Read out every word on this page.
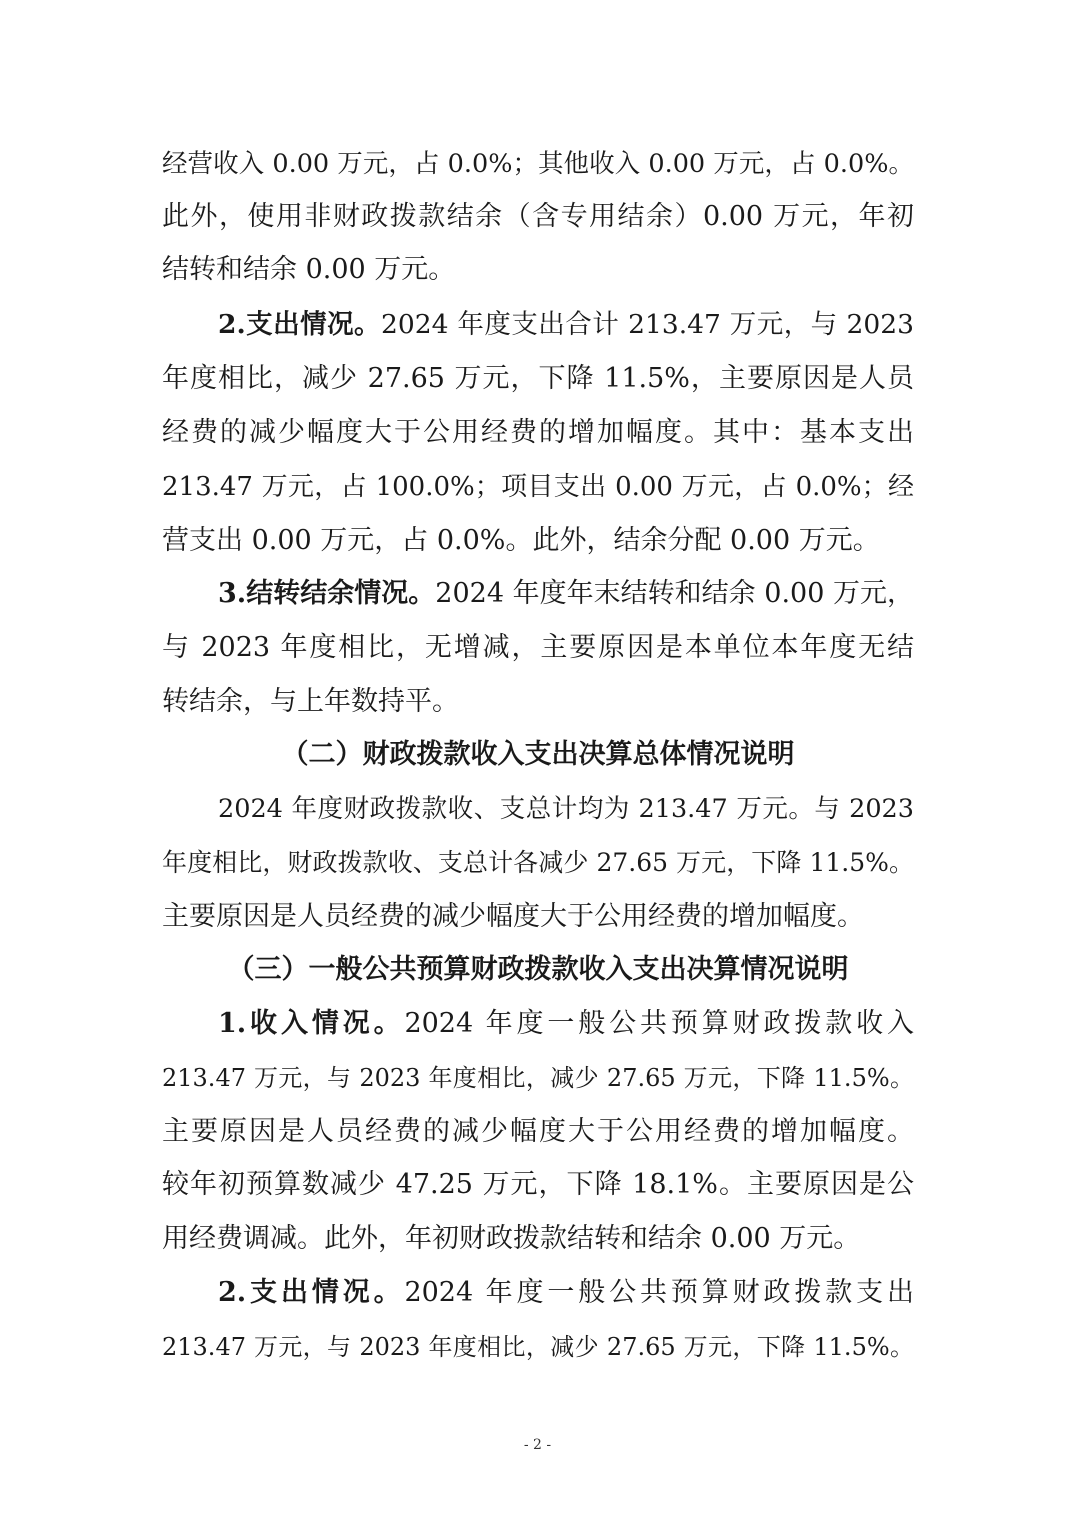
经营收入 0.00 万元，占 0.0%；其他收入 0.00 万元，占 0.0%。
此外，使用非财政拨款结余（含专用结余）0.00 万元，年初
结转和结余 0.00 万元。
2.支出情况。2024 年度支出合计 213.47 万元，与 2023
年度相比，减少 27.65 万元，下降 11.5%，主要原因是人员
经费的减少幅度大于公用经费的增加幅度。其中：基本支出
213.47 万元，占 100.0%；项目支出 0.00 万元，占 0.0%；经
营支出 0.00 万元，占 0.0%。此外，结余分配 0.00 万元。
3.结转结余情况。2024 年度年末结转和结余 0.00 万元，
与 2023 年度相比，无增减，主要原因是本单位本年度无结
转结余，与上年数持平。
（二）财政拨款收入支出决算总体情况说明
2024 年度财政拨款收、支总计均为 213.47 万元。与 2023
年度相比，财政拨款收、支总计各减少 27.65 万元，下降 11.5%。
主要原因是人员经费的减少幅度大于公用经费的增加幅度。
（三）一般公共预算财政拨款收入支出决算情况说明
1.收入情况。2024 年度一般公共预算财政拨款收入
213.47 万元，与 2023 年度相比，减少 27.65 万元，下降 11.5%。
主要原因是人员经费的减少幅度大于公用经费的增加幅度。
较年初预算数减少 47.25 万元，下降 18.1%。主要原因是公
用经费调减。此外，年初财政拨款结转和结余 0.00 万元。
2.支出情况。2024 年度一般公共预算财政拨款支出
213.47 万元，与 2023 年度相比，减少 27.65 万元，下降 11.5%。
- 2 -
